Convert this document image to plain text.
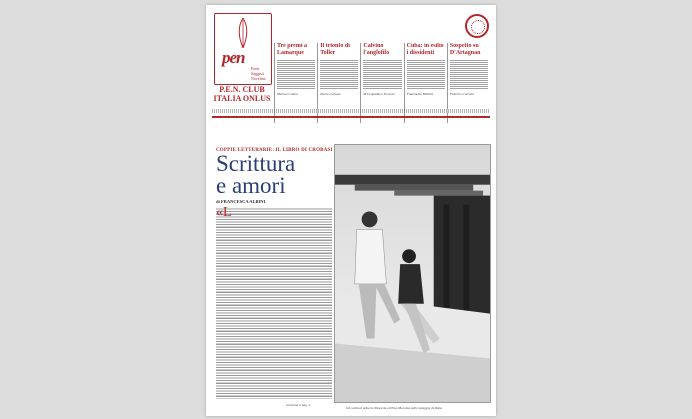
pen
Poeti Saggisti Novelisti
P.E.N. CLUB
ITALIA ONLUS
Tre premi a Lamarque
Marina Caiani
Il trionfo di Toller
Paolo Calvani
Calvino l'anglofilo
M.Leopaldo e Ernesto
Cuba: in esilio i dissidenti
Fiammetta Biblioli
Sospetto su D'Artagnan
Federico Gerolio
COPPIE LETTERARIE: IL LIBRO DI CROBASI
Scrittura
e amori
di FRANCESCA ALBINI
«L
continua a pag. 2
Gli scrittori Alberto Moravia ed Elsa Morante sulla spiaggia di Ostia
